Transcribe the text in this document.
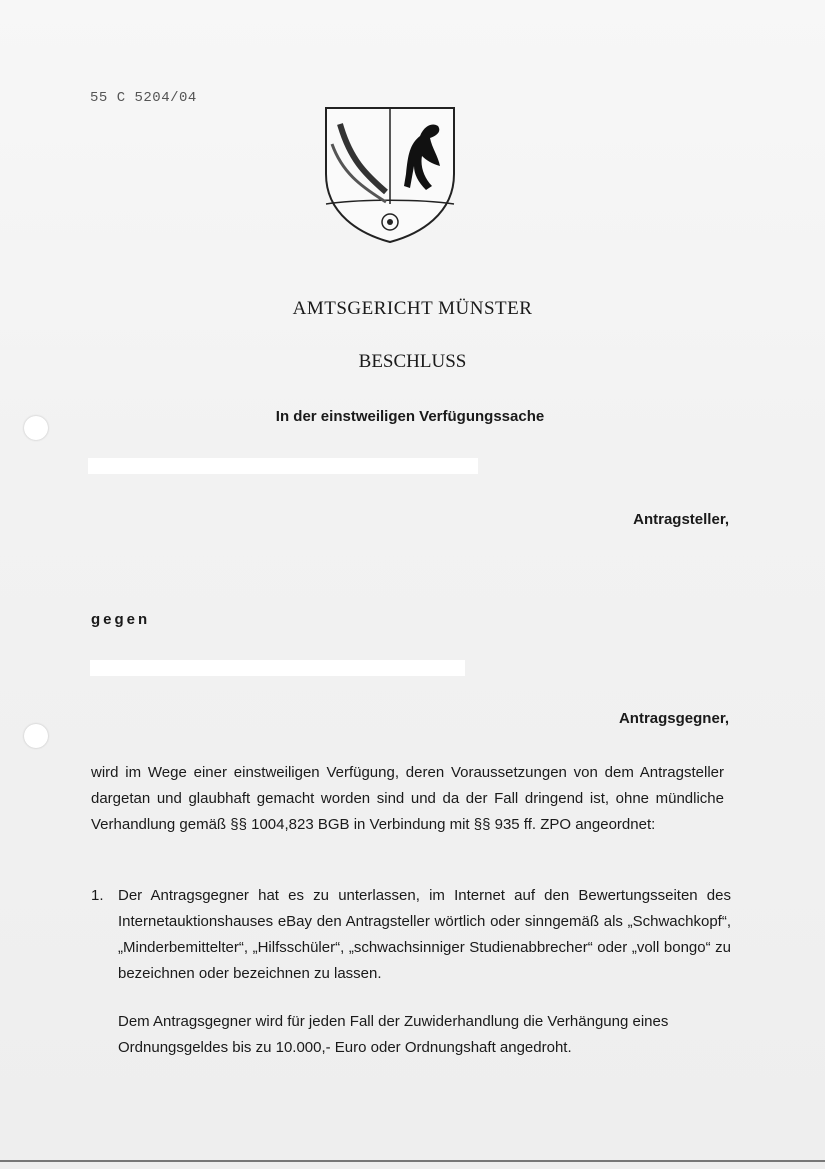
55 C 5204/04
AMTSGERICHT MÜNSTER
BESCHLUSS
In der einstweiligen Verfügungssache
Antragsteller,
gegen
Antragsgegner,
wird im Wege einer einstweiligen Verfügung, deren Voraussetzungen von dem Antragsteller dargetan und glaubhaft gemacht worden sind und da der Fall dringend ist, ohne mündliche Verhandlung gemäß §§ 1004,823 BGB in Verbindung mit §§ 935 ff. ZPO angeordnet:
1. Der Antragsgegner hat es zu unterlassen, im Internet auf den Bewertungsseiten des Internetauktionshauses eBay den Antragsteller wörtlich oder sinngemäß als „Schwachkopf“, „Minderbemittelter“, „Hilfsschüler“, „schwachsinniger Studienabbrecher“ oder „voll bongo“ zu bezeichnen oder bezeichnen zu lassen.
Dem Antragsgegner wird für jeden Fall der Zuwiderhandlung die Verhängung eines Ordnungsgeldes bis zu 10.000,- Euro oder Ordnungshaft angedroht.
